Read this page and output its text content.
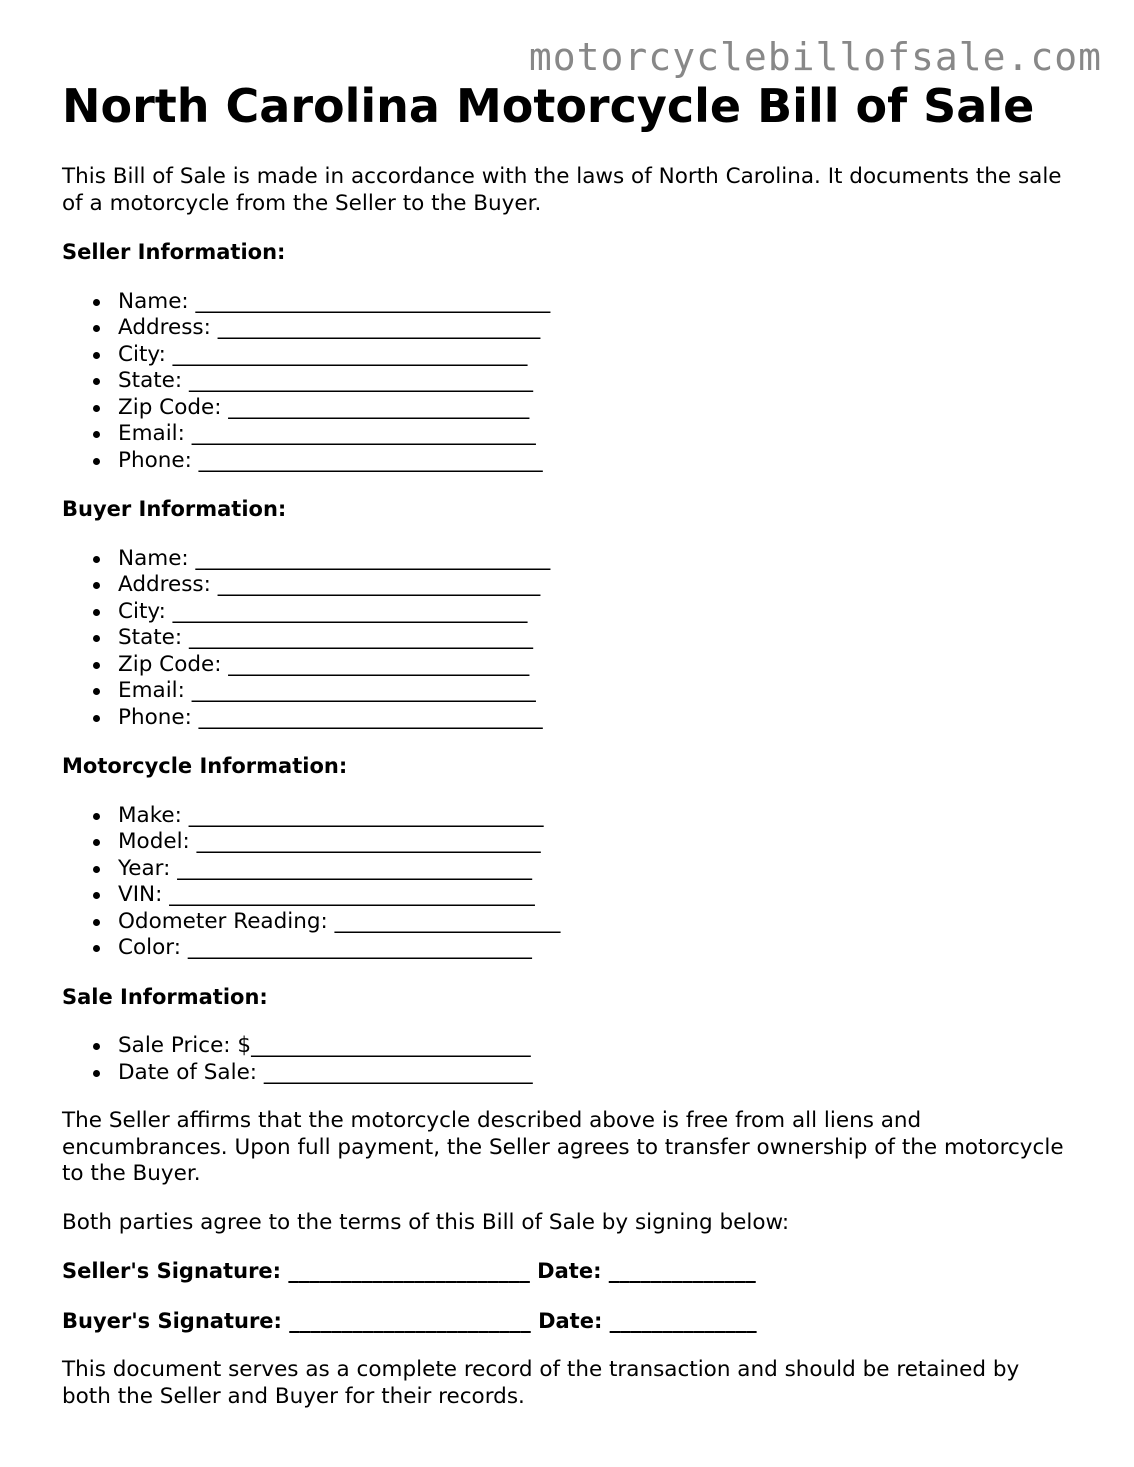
motorcyclebillofsale.com
North Carolina Motorcycle Bill of Sale

This Bill of Sale is made in accordance with the laws of North Carolina. It documents the sale of a motorcycle from the Seller to the Buyer.

Seller Information:

Name: _________________________________
Address: ______________________________
City: _________________________________
State: ________________________________
Zip Code: ____________________________
Email: ________________________________
Phone: ________________________________

Buyer Information:

Name: _________________________________
Address: ______________________________
City: _________________________________
State: ________________________________
Zip Code: ____________________________
Email: ________________________________
Phone: ________________________________

Motorcycle Information:

Make: _________________________________
Model: ________________________________
Year: _________________________________
VIN: __________________________________
Odometer Reading: _____________________
Color: ________________________________

Sale Information:

Sale Price: $__________________________
Date of Sale: _________________________

The Seller affirms that the motorcycle described above is free from all liens and encumbrances. Upon full payment, the Seller agrees to transfer ownership of the motorcycle to the Buyer.

Both parties agree to the terms of this Bill of Sale by signing below:

Seller's Signature: _______________________ Date: ______________

Buyer's Signature: _______________________ Date: ______________

This document serves as a complete record of the transaction and should be retained by both the Seller and Buyer for their records.
